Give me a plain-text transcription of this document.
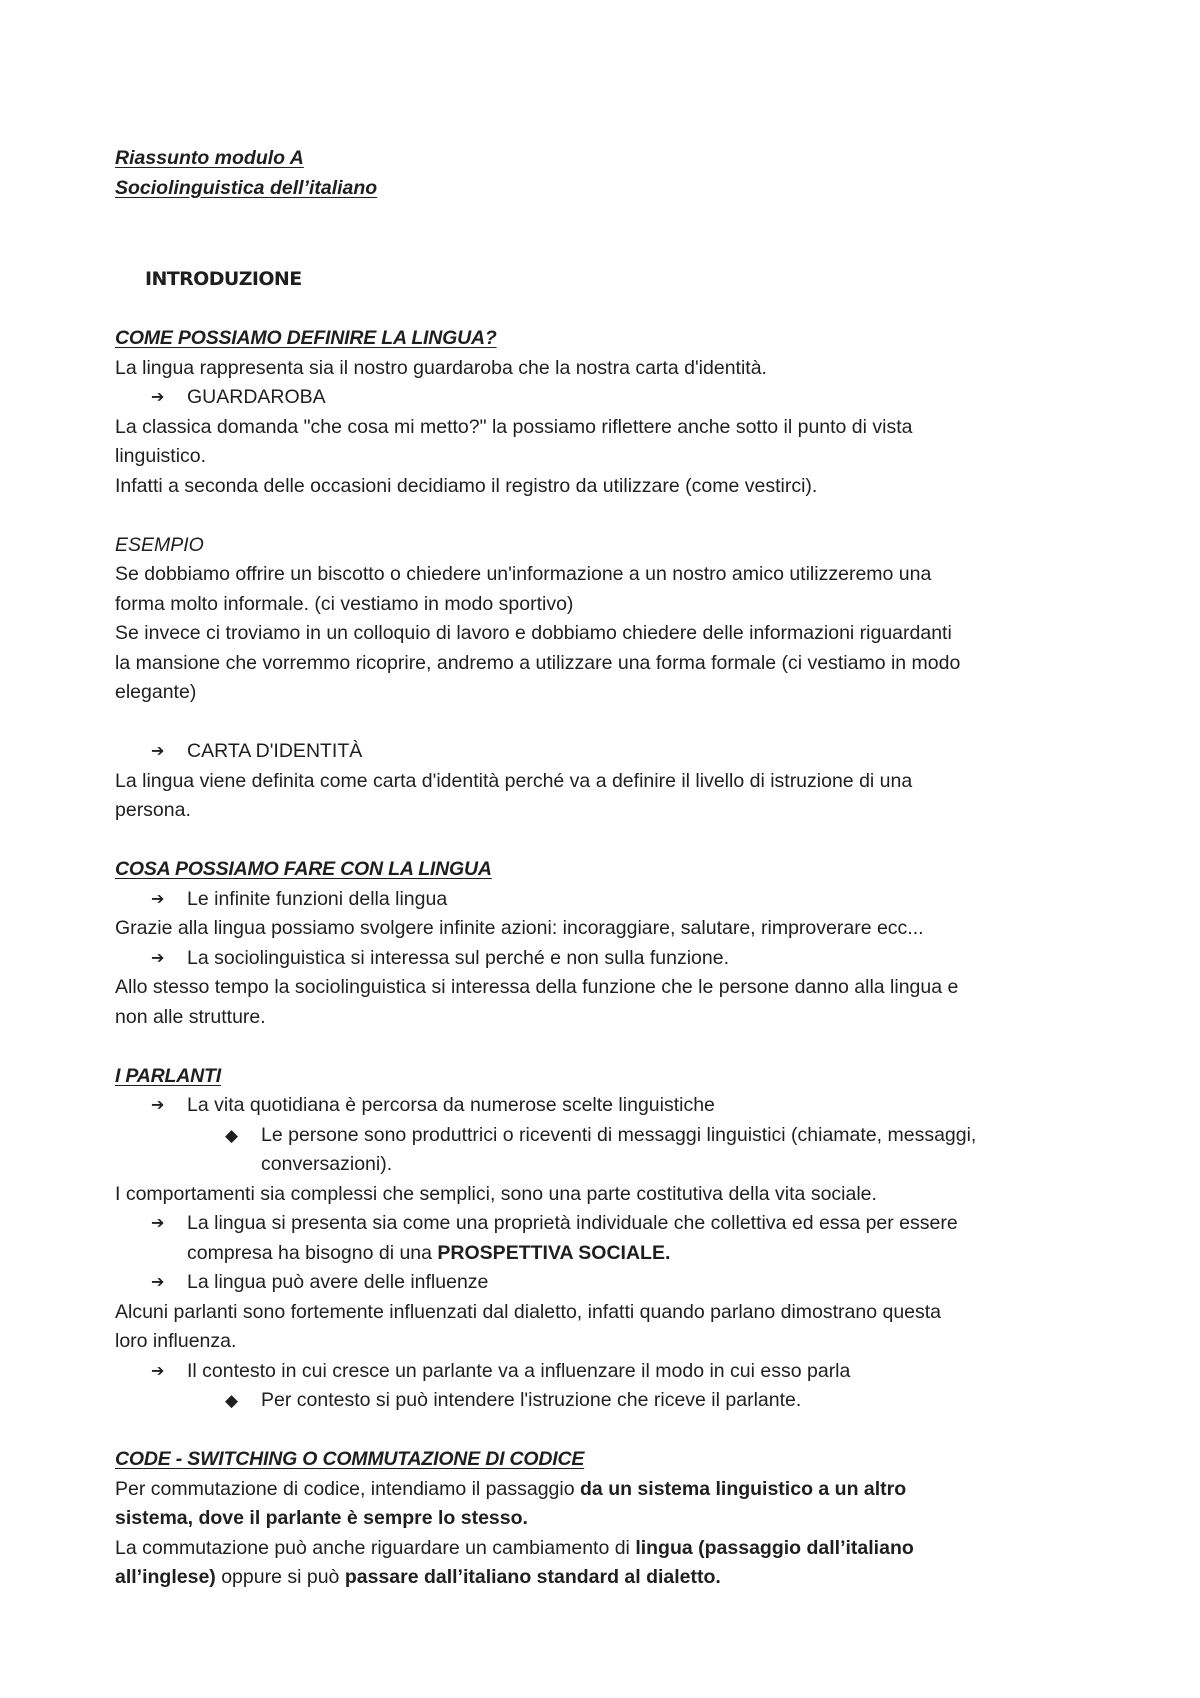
Riassunto modulo A
Sociolinguistica dell’italiano
INTRODUZIONE
COME POSSIAMO DEFINIRE LA LINGUA?
La lingua rappresenta sia il nostro guardaroba che la nostra carta d'identità.
➔	GUARDAROBA
La classica domanda "che cosa mi metto?" la possiamo riflettere anche sotto il punto di vista
linguistico.
Infatti a seconda delle occasioni decidiamo il registro da utilizzare (come vestirci).
ESEMPIO
Se dobbiamo offrire un biscotto o chiedere un'informazione a un nostro amico utilizzeremo una
forma molto informale. (ci vestiamo in modo sportivo)
Se invece ci troviamo in un colloquio di lavoro e dobbiamo chiedere delle informazioni riguardanti
la mansione che vorremmo ricoprire, andremo a utilizzare una forma formale (ci vestiamo in modo
elegante)
➔	CARTA D'IDENTITÀ
La lingua viene definita come carta d'identità perché va a definire il livello di istruzione di una
persona.
COSA POSSIAMO FARE CON LA LINGUA
➔	Le infinite funzioni della lingua
Grazie alla lingua possiamo svolgere infinite azioni: incoraggiare, salutare, rimproverare ecc...
➔	La sociolinguistica si interessa sul perché e non sulla funzione.
Allo stesso tempo la sociolinguistica si interessa della funzione che le persone danno alla lingua e
non alle strutture.
I PARLANTI
➔	La vita quotidiana è percorsa da numerose scelte linguistiche
◆	Le persone sono produttrici o riceventi di messaggi linguistici (chiamate, messaggi,
conversazioni).
I comportamenti sia complessi che semplici, sono una parte costitutiva della vita sociale.
➔	La lingua si presenta sia come una proprietà individuale che collettiva ed essa per essere
compresa ha bisogno di una PROSPETTIVA SOCIALE.
➔	La lingua può avere delle influenze
Alcuni parlanti sono fortemente influenzati dal dialetto, infatti quando parlano dimostrano questa
loro influenza.
➔	Il contesto in cui cresce un parlante va a influenzare il modo in cui esso parla
◆	Per contesto si può intendere l'istruzione che riceve il parlante.
CODE - SWITCHING O COMMUTAZIONE DI CODICE
Per commutazione di codice, intendiamo il passaggio da un sistema linguistico a un altro
sistema, dove il parlante è sempre lo stesso.
La commutazione può anche riguardare un cambiamento di lingua (passaggio dall’italiano
all’inglese) oppure si può passare dall’italiano standard al dialetto.
